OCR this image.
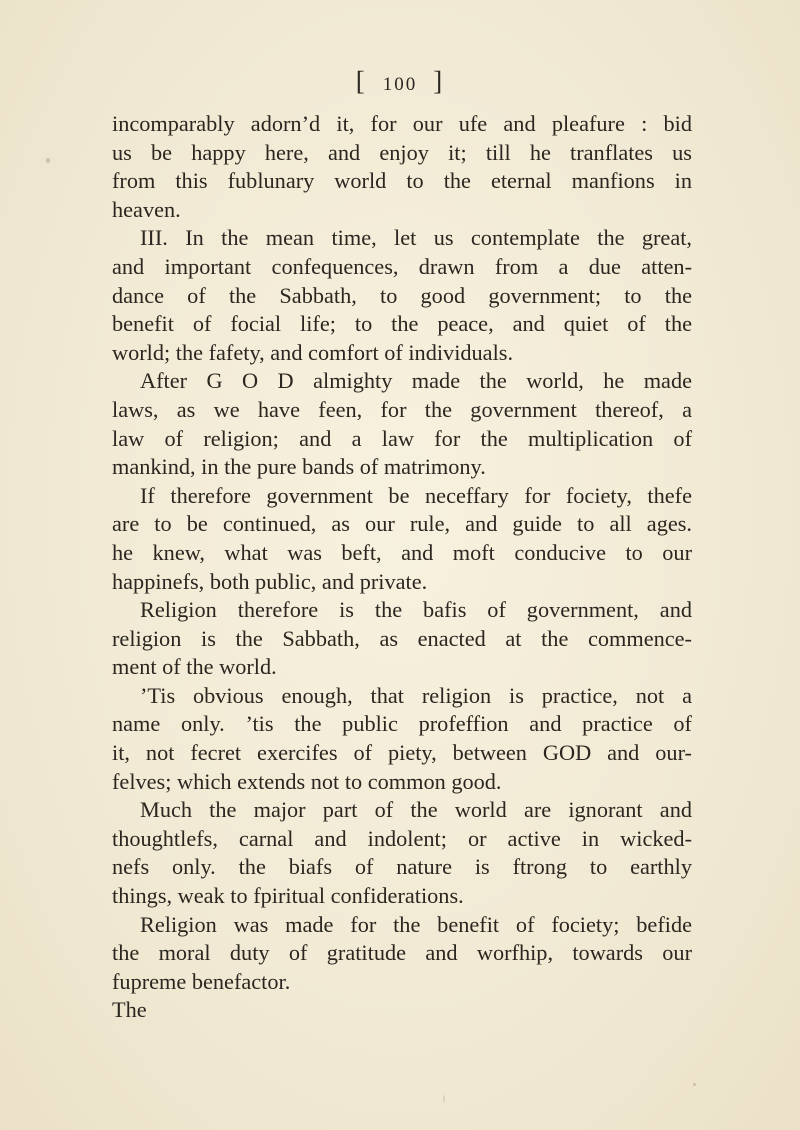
[ 100 ]
incomparably adorn’d it, for our ufe and pleafure : bid
us be happy here, and enjoy it; till he tranflates us
from this fublunary world to the eternal manfions in
heaven.
III. In the mean time, let us contemplate the great,
and important confequences, drawn from a due atten-
dance of the Sabbath, to good government; to the
benefit of focial life; to the peace, and quiet of the
world; the fafety, and comfort of individuals.
After G O D almighty made the world, he made
laws, as we have feen, for the government thereof, a
law of religion; and a law for the multiplication of
mankind, in the pure bands of matrimony.
If therefore government be neceffary for fociety, thefe
are to be continued, as our rule, and guide to all ages.
he knew, what was beft, and moft conducive to our
happinefs, both public, and private.
Religion therefore is the bafis of government, and
religion is the Sabbath, as enacted at the commence-
ment of the world.
’Tis obvious enough, that religion is practice, not a
name only. ’tis the public profeffion and practice of
it, not fecret exercifes of piety, between GOD and our-
felves; which extends not to common good.
Much the major part of the world are ignorant and
thoughtlefs, carnal and indolent; or active in wicked-
nefs only. the biafs of nature is ftrong to earthly
things, weak to fpiritual confiderations.
Religion was made for the benefit of fociety; befide
the moral duty of gratitude and worfhip, towards our
fupreme benefactor.
The
